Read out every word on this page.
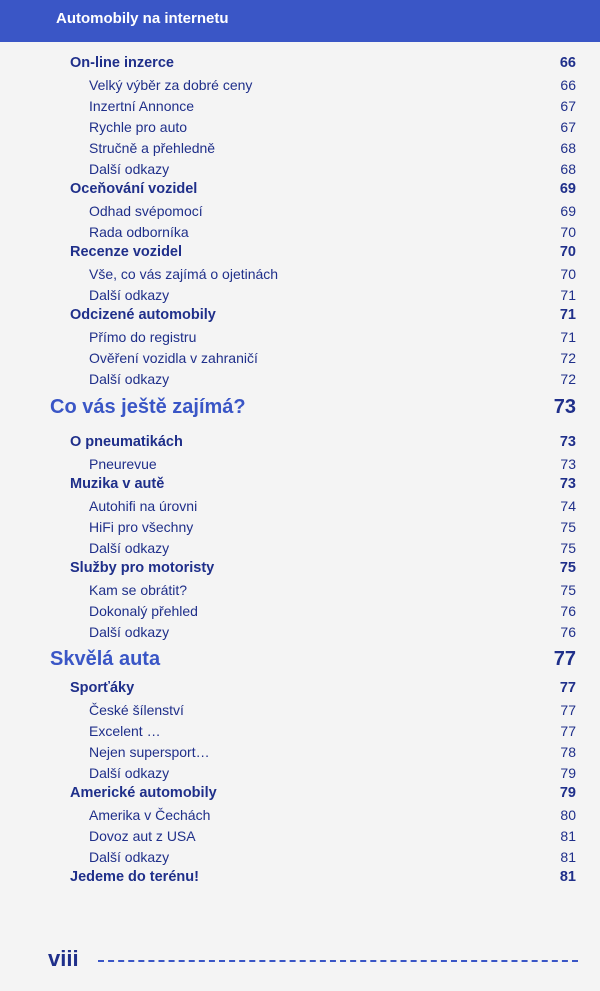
Automobily na internetu
On-line inzerce	66
Velký výběr za dobré ceny	66
Inzertní Annonce	67
Rychle pro auto	67
Stručně a přehledně	68
Další odkazy	68
Oceňování vozidel	69
Odhad svépomocí	69
Rada odborníka	70
Recenze vozidel	70
Vše, co vás zajímá o ojetinách	70
Další odkazy	71
Odcizené automobily	71
Přímo do registru	71
Ověření vozidla v zahraničí	72
Další odkazy	72
Co vás ještě zajímá?	73
O pneumatikách	73
Pneurevue	73
Muzika v autě	73
Autohifi na úrovni	74
HiFi pro všechny	75
Další odkazy	75
Služby pro motoristy	75
Kam se obrátit?	75
Dokonalý přehled	76
Další odkazy	76
Skvělá auta	77
Sporťáky	77
České šílenství	77
Excelent …	77
Nejen supersport…	78
Další odkazy	79
Americké automobily	79
Amerika v Čechách	80
Dovoz aut z USA	81
Další odkazy	81
Jedeme do terénu!	81
viii
